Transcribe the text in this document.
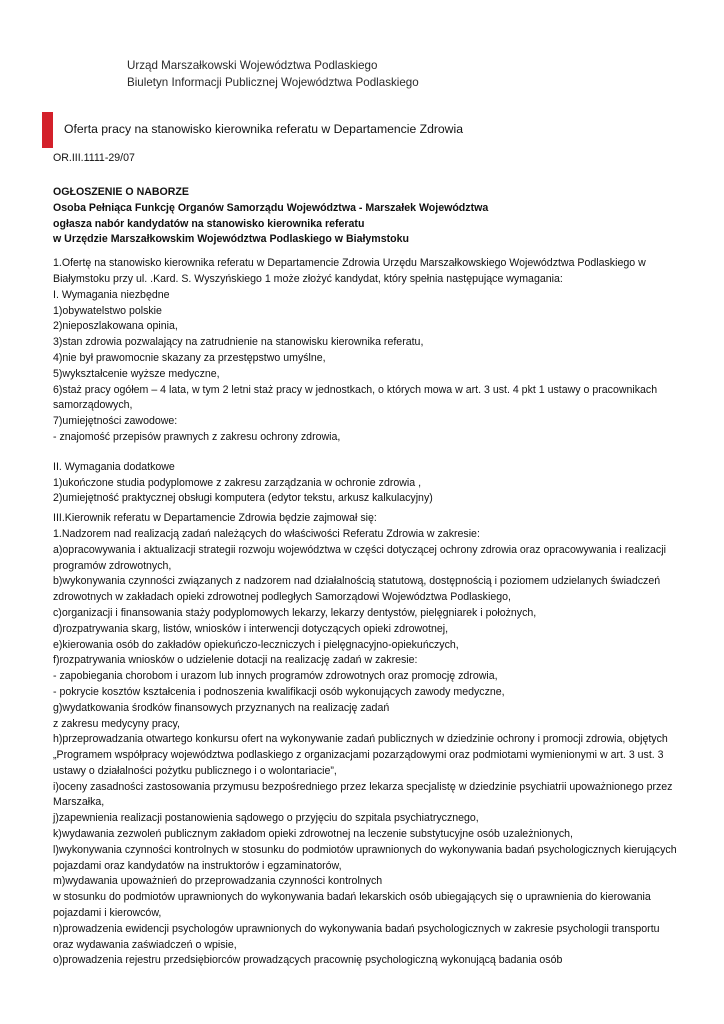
Urząd Marszałkowski Województwa Podlaskiego
Biuletyn Informacji Publicznej Województwa Podlaskiego
Oferta pracy na stanowisko kierownika referatu w Departamencie Zdrowia
OR.III.1111-29/07
OGŁOSZENIE O NABORZE
Osoba Pełniąca Funkcję Organów Samorządu Województwa - Marszałek Województwa
ogłasza nabór kandydatów na stanowisko kierownika referatu
w Urzędzie Marszałkowskim Województwa Podlaskiego w Białymstoku
1.Ofertę na stanowisko kierownika referatu w Departamencie Zdrowia Urzędu Marszałkowskiego Województwa Podlaskiego w Białymstoku przy ul. .Kard. S. Wyszyńskiego 1 może złożyć kandydat, który spełnia następujące wymagania:
I. Wymagania niezbędne
1)obywatelstwo polskie
2)nieposzlakowana opinia,
3)stan zdrowia pozwalający na zatrudnienie na stanowisku kierownika referatu,
4)nie był prawomocnie skazany za przestępstwo umyślne,
5)wykształcenie wyższe medyczne,
6)staż pracy ogółem – 4 lata, w tym 2 letni staż pracy w jednostkach, o których mowa w art. 3 ust. 4 pkt 1 ustawy o pracownikach samorządowych,
7)umiejętności zawodowe:
- znajomość przepisów prawnych z zakresu ochrony zdrowia,
II. Wymagania dodatkowe
1)ukończone studia podyplomowe z zakresu zarządzania w ochronie zdrowia ,
2)umiejętność praktycznej obsługi komputera (edytor tekstu, arkusz kalkulacyjny)
III.Kierownik referatu w Departamencie Zdrowia będzie zajmował się:
1.Nadzorem nad realizacją zadań należących do właściwości Referatu Zdrowia w zakresie:
a)opracowywania i aktualizacji strategii rozwoju województwa w części dotyczącej ochrony zdrowia oraz opracowywania i realizacji programów zdrowotnych,
b)wykonywania czynności związanych z nadzorem nad działalnością statutową, dostępnością i poziomem udzielanych świadczeń zdrowotnych w zakładach opieki zdrowotnej podległych Samorządowi Województwa Podlaskiego,
c)organizacji i finansowania staży podyplomowych lekarzy, lekarzy dentystów, pielęgniarek i położnych,
d)rozpatrywania skarg, listów, wniosków i interwencji dotyczących opieki zdrowotnej,
e)kierowania osób do zakładów opiekuńczo-leczniczych i pielęgnacyjno-opiekuńczych,
f)rozpatrywania wniosków o udzielenie dotacji na realizację zadań w zakresie:
- zapobiegania chorobom i urazom lub innych programów zdrowotnych oraz promocję zdrowia,
- pokrycie kosztów kształcenia i podnoszenia kwalifikacji osób wykonujących zawody medyczne,
g)wydatkowania środków finansowych przyznanych na realizację zadań
z zakresu medycyny pracy,
h)przeprowadzania otwartego konkursu ofert na wykonywanie zadań publicznych w dziedzinie ochrony i promocji zdrowia, objętych „Programem współpracy województwa podlaskiego z organizacjami pozarządowymi oraz podmiotami wymienionymi w art. 3 ust. 3 ustawy o działalności pożytku publicznego i o wolontariacie”,
i)oceny zasadności zastosowania przymusu bezpośredniego przez lekarza specjalistę w dziedzinie psychiatrii upoważnionego przez Marszałka,
j)zapewnienia realizacji postanowienia sądowego o przyjęciu do szpitala psychiatrycznego,
k)wydawania zezwoleń publicznym zakładom opieki zdrowotnej na leczenie substytucyjne osób uzależnionych,
l)wykonywania czynności kontrolnych w stosunku do podmiotów uprawnionych do wykonywania badań psychologicznych kierujących pojazdami oraz kandydatów na instruktorów i egzaminatorów,
m)wydawania upoważnień do przeprowadzania czynności kontrolnych
w stosunku do podmiotów uprawnionych do wykonywania badań lekarskich osób ubiegających się o uprawnienia do kierowania pojazdami i kierowców,
n)prowadzenia ewidencji psychologów uprawnionych do wykonywania badań psychologicznych w zakresie psychologii transportu oraz wydawania zaświadczeń o wpisie,
o)prowadzenia rejestru przedsiębiorców prowadzących pracownię psychologiczną wykonującą badania osób
